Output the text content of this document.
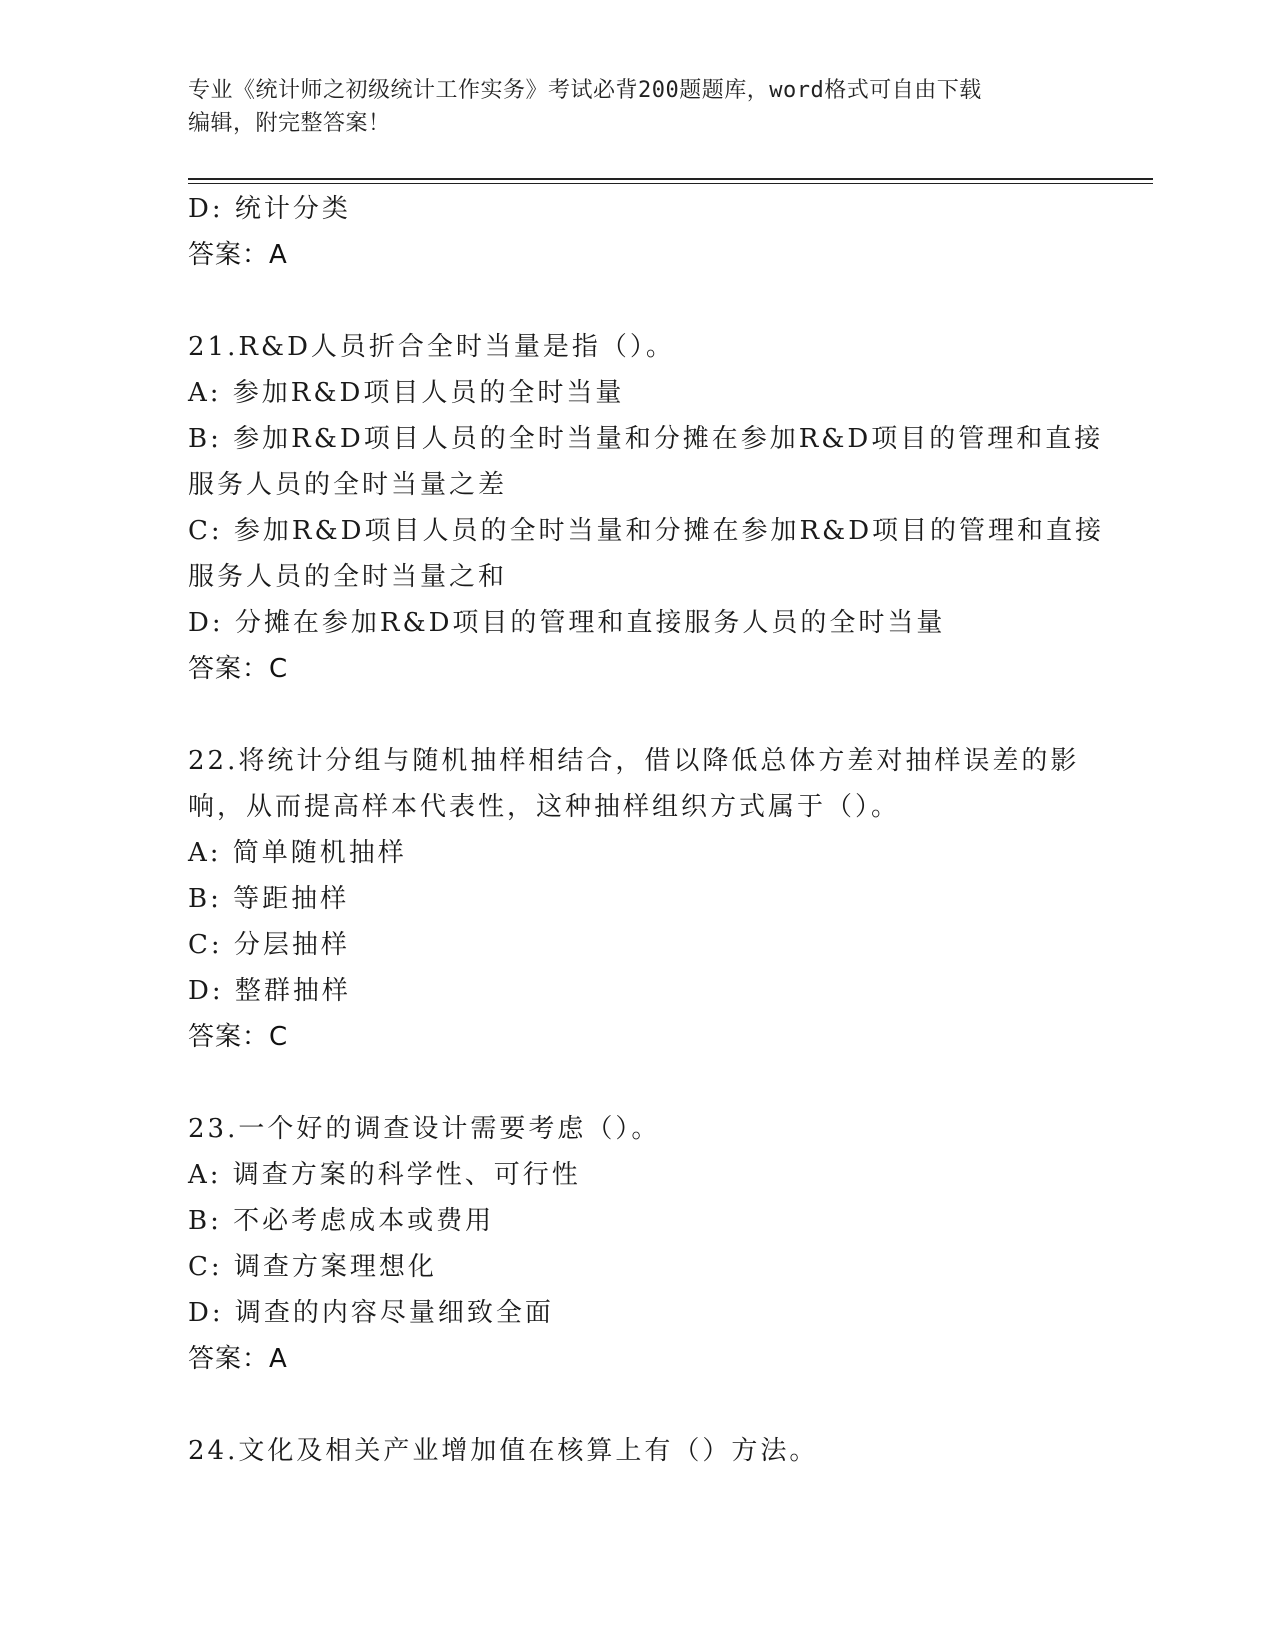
专业《统计师之初级统计工作实务》考试必背200题题库，word格式可自由下载
编辑，附完整答案！
D: 统计分类
答案：A
21.R&D人员折合全时当量是指（）。
A: 参加R&D项目人员的全时当量
B: 参加R&D项目人员的全时当量和分摊在参加R&D项目的管理和直接
服务人员的全时当量之差
C: 参加R&D项目人员的全时当量和分摊在参加R&D项目的管理和直接
服务人员的全时当量之和
D: 分摊在参加R&D项目的管理和直接服务人员的全时当量
答案：C
22.将统计分组与随机抽样相结合，借以降低总体方差对抽样误差的影
响，从而提高样本代表性，这种抽样组织方式属于（）。
A: 简单随机抽样
B: 等距抽样
C: 分层抽样
D: 整群抽样
答案：C
23.一个好的调查设计需要考虑（）。
A: 调查方案的科学性、可行性
B: 不必考虑成本或费用
C: 调查方案理想化
D: 调查的内容尽量细致全面
答案：A
24.文化及相关产业增加值在核算上有（）方法。
